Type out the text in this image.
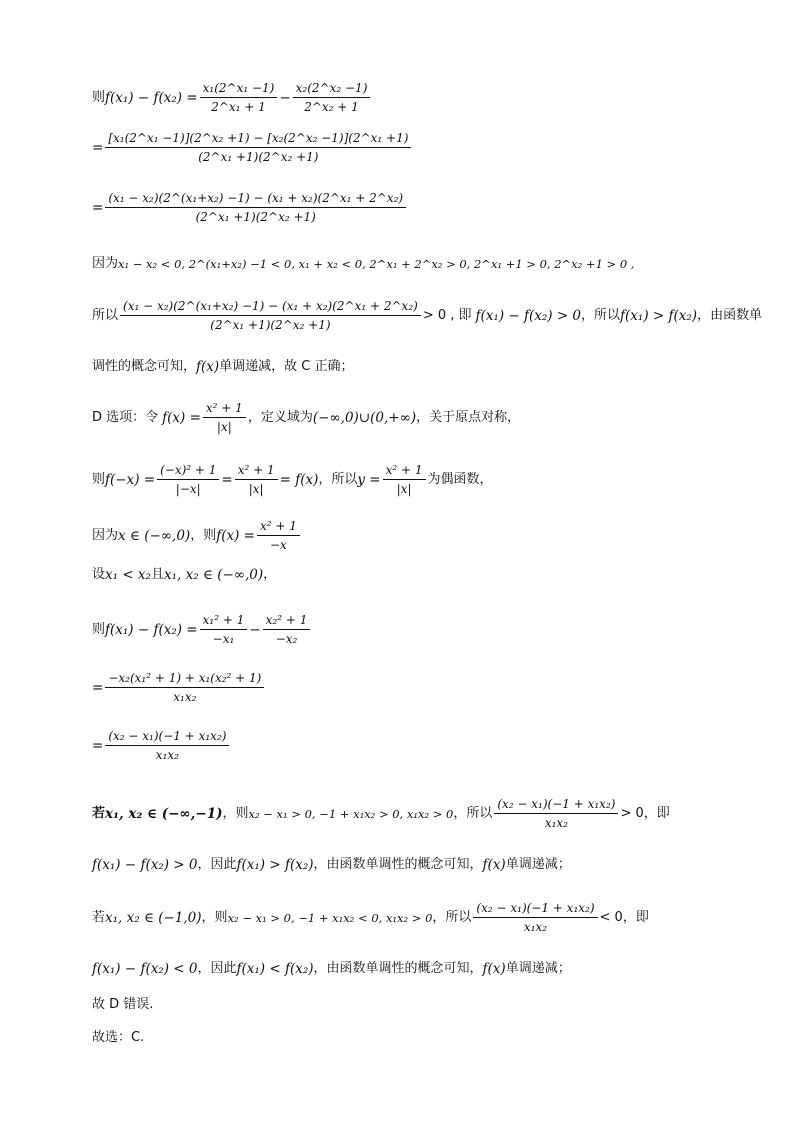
则 $f(x_1) - f(x_2) = \frac{\text{x₁(2\textasciicircum{}x₁ −1)}}{\text{2\textasciicircum{}x₁ + 1}} - \frac{\text{x₂(2\textasciicircum{}x₂ −1)}}{\text{2\textasciicircum{}x₂ + 1}}$
= $\frac{\text{[x₁(2\textasciicircum{}x₁ −1)](2\textasciicircum{}x₂ +1) − [x₂(2\textasciicircum{}x₂ −1)](2\textasciicircum{}x₁ +1)}}{\text{(2\textasciicircum{}x₁ +1)(2\textasciicircum{}x₂ +1)}}$
= $\frac{\text{(x₁ − x₂)(2\textasciicircum{}(x₁+x₂) −1) − (x₁ + x₂)(2\textasciicircum{}x₁ + 2\textasciicircum{}x₂)}}{\text{(2\textasciicircum{}x₁ +1)(2\textasciicircum{}x₂ +1)}}$
因为 x₁ − x₂ < 0, 2^(x₁+x₂) −1 < 0, x₁ + x₂ < 0, 2^x₁ + 2^x₂ > 0, 2^x₁ +1 > 0, 2^x₂ +1 > 0 ,
所以 $\frac{\text{(x₁ − x₂)(2\textasciicircum{}(x₁+x₂) −1) − (x₁ + x₂)(2\textasciicircum{}x₁ + 2\textasciicircum{}x₂)}}{\text{(2\textasciicircum{}x₁ +1)(2\textasciicircum{}x₂ +1)}} > 0$ , 即 f(x₁) − f(x₂) > 0 ，所以 f(x₁) > f(x₂) ，由函数单
调性的概念可知， f(x) 单调递减，故 C 正确；
D 选项：令 $f(x) = \frac{\text{x² + 1}}{|x|}$ ，定义域为 (−∞,0)∪(0,+∞) ，关于原点对称，
则 $f(-x) = \frac{\text{(−x)² + 1}}{|-x|} = \frac{\text{x² + 1}}{|x|} = f(x)$ ，所以 $y = \frac{\text{x² + 1}}{|x|}$ 为偶函数，
因为 x ∈ (−∞,0) ，则 $f(x) = \frac{\text{x² + 1}}{-x}$
设 x₁ < x₂ 且 x₁, x₂ ∈ (−∞,0) ，
则 $f(x_1) - f(x_2) = \frac{\text{x₁² + 1}}{\text{−x₁}} - \frac{\text{x₂² + 1}}{\text{−x₂}}$
= $\frac{\text{−x₂(x₁² + 1) + x₁(x₂² + 1)}}{\text{x₁x₂}}$
= $\frac{\text{(x₂ − x₁)(−1 + x₁x₂)}}{\text{x₁x₂}}$
若 x₁, x₂ ∈ (−∞,−1) ，则 x₂ − x₁ > 0, −1 + x₁x₂ > 0, x₁x₂ > 0 ，所以 $\frac{\text{(x₂ − x₁)(−1 + x₁x₂)}}{\text{x₁x₂}} > 0$，即
f(x₁) − f(x₂) > 0 ，因此 f(x₁) > f(x₂) ，由函数单调性的概念可知， f(x) 单调递减；
若 x₁, x₂ ∈ (−1,0) ，则 x₂ − x₁ > 0, −1 + x₁x₂ < 0, x₁x₂ > 0 ，所以 $\frac{\text{(x₂ − x₁)(−1 + x₁x₂)}}{\text{x₁x₂}} < 0$，即
f(x₁) − f(x₂) < 0 ，因此 f(x₁) < f(x₂) ，由函数单调性的概念可知， f(x) 单调递减；
故 D 错误.
故选：C.
